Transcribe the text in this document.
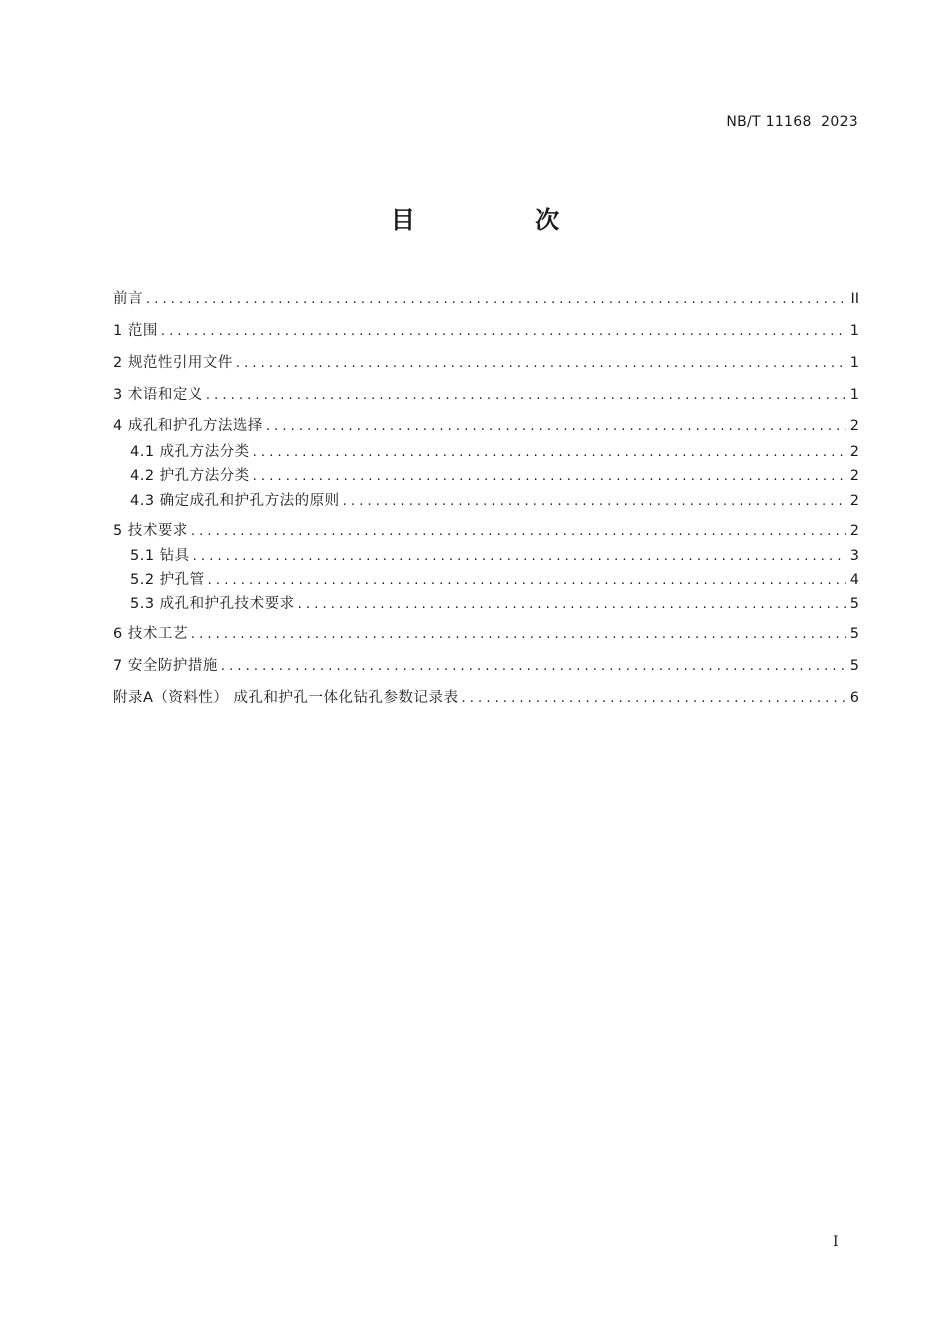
NB/T 11168  2023
目 次
前言 . . .	II
1 范围 . . .	1
2 规范性引用文件 . . .	1
3 术语和定义 . . .	1
4 成孔和护孔方法选择 . . .	2
4.1 成孔方法分类 . . .	2
4.2 护孔方法分类 . . .	2
4.3 确定成孔和护孔方法的原则 . . .	2
5 技术要求 . . .	2
5.1 钻具 . . .	3
5.2 护孔管 . . .	4
5.3 成孔和护孔技术要求 . . .	5
6 技术工艺 . . .	5
7 安全防护措施 . . .	5
附录A（资料性） 成孔和护孔一体化钻孔参数记录表 . . .	6
I
